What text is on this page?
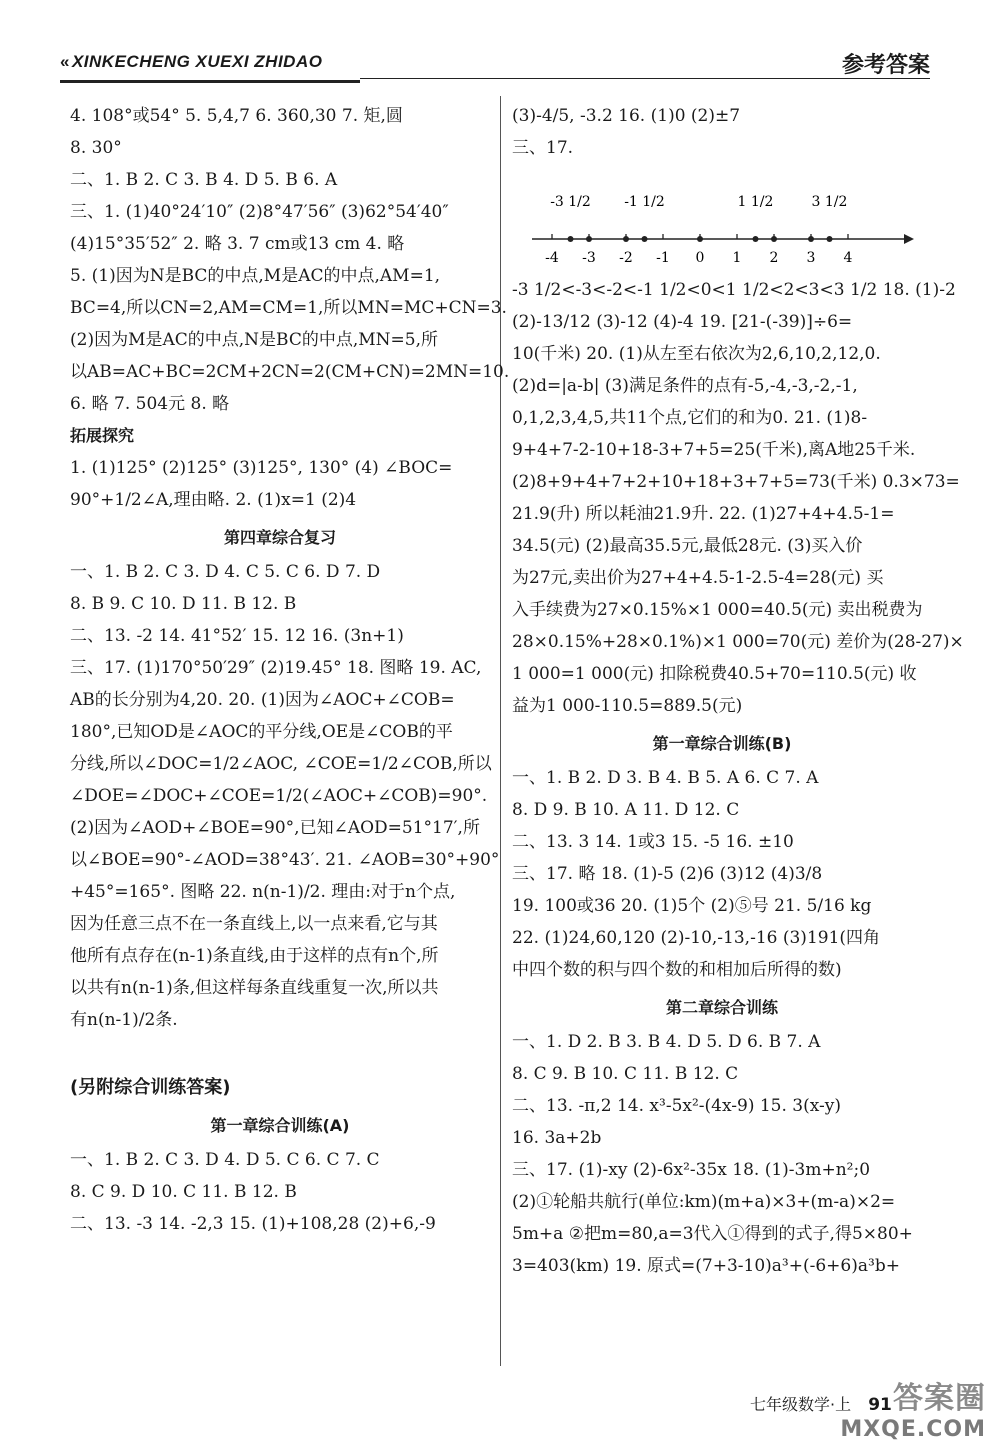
« XINKECHENG XUEXI ZHIDAO	参考答案
4. 108°或54° 5. 5,4,7 6. 360,30 7. 矩,圆
8. 30°
二、1. B 2. C 3. B 4. D 5. B 6. A
三、1. (1)40°24′10″ (2)8°47′56″ (3)62°54′40″
(4)15°35′52″ 2. 略 3. 7 cm或13 cm 4. 略
5. (1)因为N是BC的中点,M是AC的中点,AM=1,
BC=4,所以CN=2,AM=CM=1,所以MN=MC+CN=3.
(2)因为M是AC的中点,N是BC的中点,MN=5,所
以AB=AC+BC=2CM+2CN=2(CM+CN)=2MN=10.
6. 略 7. 504元 8. 略
拓展探究
1. (1)125° (2)125° (3)125°, 130° (4) ∠BOC=
90°+1/2∠A,理由略. 2. (1)x=1 (2)4
第四章综合复习
一、1. B 2. C 3. D 4. C 5. C 6. D 7. D
8. B 9. C 10. D 11. B 12. B
二、13. -2 14. 41°52′ 15. 12 16. (3n+1)
三、17. (1)170°50′29″ (2)19.45° 18. 图略 19. AC,
AB的长分别为4,20. 20. (1)因为∠AOC+∠COB=
180°,已知OD是∠AOC的平分线,OE是∠COB的平
分线,所以∠DOC=1/2∠AOC, ∠COE=1/2∠COB,所以
∠DOE=∠DOC+∠COE=1/2(∠AOC+∠COB)=90°.
(2)因为∠AOD+∠BOE=90°,已知∠AOD=51°17′,所
以∠BOE=90°-∠AOD=38°43′. 21. ∠AOB=30°+90°
+45°=165°. 图略 22. n(n-1)/2. 理由:对于n个点,
因为任意三点不在一条直线上,以一点来看,它与其
他所有点存在(n-1)条直线,由于这样的点有n个,所
以共有n(n-1)条,但这样每条直线重复一次,所以共
有n(n-1)/2条.
(另附综合训练答案)
第一章综合训练(A)
一、1. B 2. C 3. D 4. D 5. C 6. C 7. C
8. C 9. D 10. C 11. B 12. B
二、13. -3 14. -2,3 15. (1)+108,28 (2)+6,-9
(3)-4/5, -3.2 16. (1)0 (2)±7
三、17.
-4 -3 -2 -1 0 1 2 3 4
-3 1/2 -1 1/2	1 1/2	3 1/2
-3 1/2<-3<-2<-1 1/2<0<1 1/2<2<3<3 1/2 18. (1)-2
(2)-13/12 (3)-12 (4)-4 19. [21-(-39)]÷6=
10(千米) 20. (1)从左至右依次为2,6,10,2,12,0.
(2)d=|a-b| (3)满足条件的点有-5,-4,-3,-2,-1,
0,1,2,3,4,5,共11个点,它们的和为0. 21. (1)8-
9+4+7-2-10+18-3+7+5=25(千米),离A地25千米.
(2)8+9+4+7+2+10+18+3+7+5=73(千米) 0.3×73=
21.9(升) 所以耗油21.9升. 22. (1)27+4+4.5-1=
34.5(元) (2)最高35.5元,最低28元. (3)买入价
为27元,卖出价为27+4+4.5-1-2.5-4=28(元) 买
入手续费为27×0.15%×1 000=40.5(元) 卖出税费为
28×0.15%+28×0.1%)×1 000=70(元) 差价为(28-27)×
1 000=1 000(元) 扣除税费40.5+70=110.5(元) 收
益为1 000-110.5=889.5(元)
第一章综合训练(B)
一、1. B 2. D 3. B 4. B 5. A 6. C 7. A
8. D 9. B 10. A 11. D 12. C
二、13. 3 14. 1或3 15. -5 16. ±10
三、17. 略 18. (1)-5 (2)6 (3)12 (4)3/8
19. 100或36 20. (1)5个 (2)⑤号 21. 5/16 kg
22. (1)24,60,120 (2)-10,-13,-16 (3)191(四角
中四个数的积与四个数的和相加后所得的数)
第二章综合训练
一、1. D 2. B 3. B 4. D 5. D 6. B 7. A
8. C 9. B 10. C 11. B 12. C
二、13. -π,2 14. x³-5x²-(4x-9) 15. 3(x-y)
16. 3a+2b
三、17. (1)-xy (2)-6x²-35x 18. (1)-3m+n²;0
(2)①轮船共航行(单位:km)(m+a)×3+(m-a)×2=
5m+a ②把m=80,a=3代入①得到的式子,得5×80+
3=403(km) 19. 原式=(7+3-10)a³+(-6+6)a³b+
七年级数学·上 91 答案圈
MXQE.COM
